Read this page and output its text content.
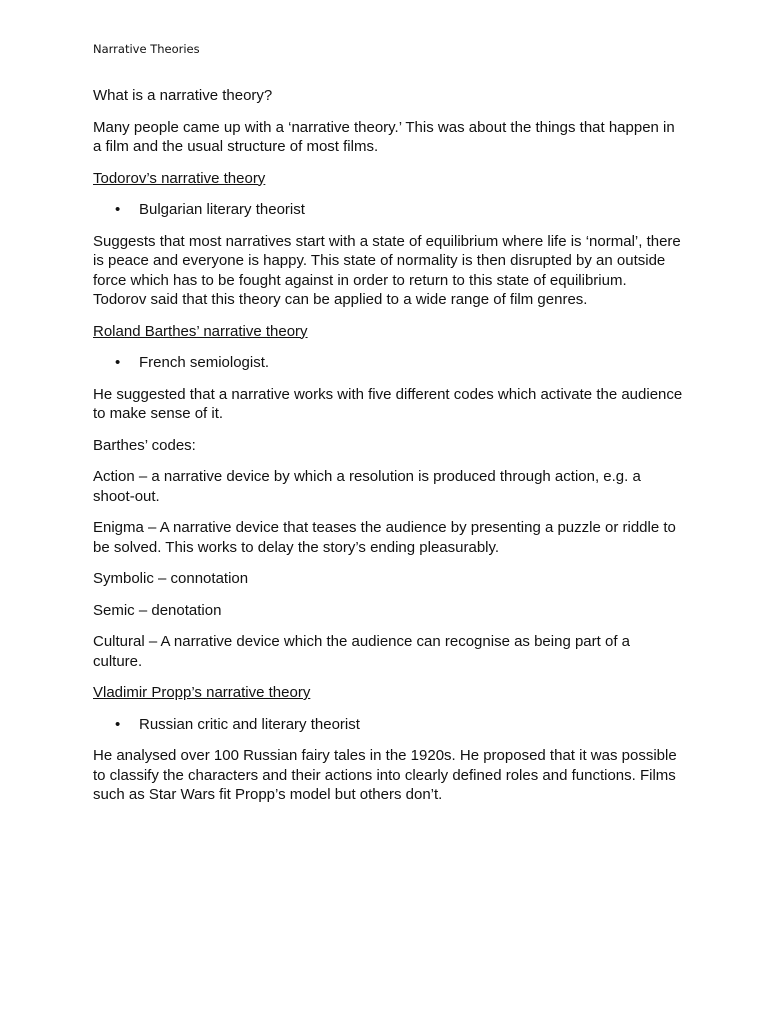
Narrative Theories

What is a narrative theory?

Many people came up with a ‘narrative theory.’ This was about the things that happen in a film and the usual structure of most films.

Todorov’s narrative theory

• Bulgarian literary theorist

Suggests that most narratives start with a state of equilibrium where life is ‘normal’, there is peace and everyone is happy. This state of normality is then disrupted by an outside force which has to be fought against in order to return to this state of equilibrium. Todorov said that this theory can be applied to a wide range of film genres.

Roland Barthes’ narrative theory

• French semiologist.

He suggested that a narrative works with five different codes which activate the audience to make sense of it.

Barthes’ codes:

Action – a narrative device by which a resolution is produced through action, e.g. a shoot-out.

Enigma – A narrative device that teases the audience by presenting a puzzle or riddle to be solved. This works to delay the story’s ending pleasurably.

Symbolic – connotation

Semic – denotation

Cultural – A narrative device which the audience can recognise as being part of a culture.

Vladimir Propp’s narrative theory

• Russian critic and literary theorist

He analysed over 100 Russian fairy tales in the 1920s. He proposed that it was possible to classify the characters and their actions into clearly defined roles and functions. Films such as Star Wars fit Propp’s model but others don’t.
